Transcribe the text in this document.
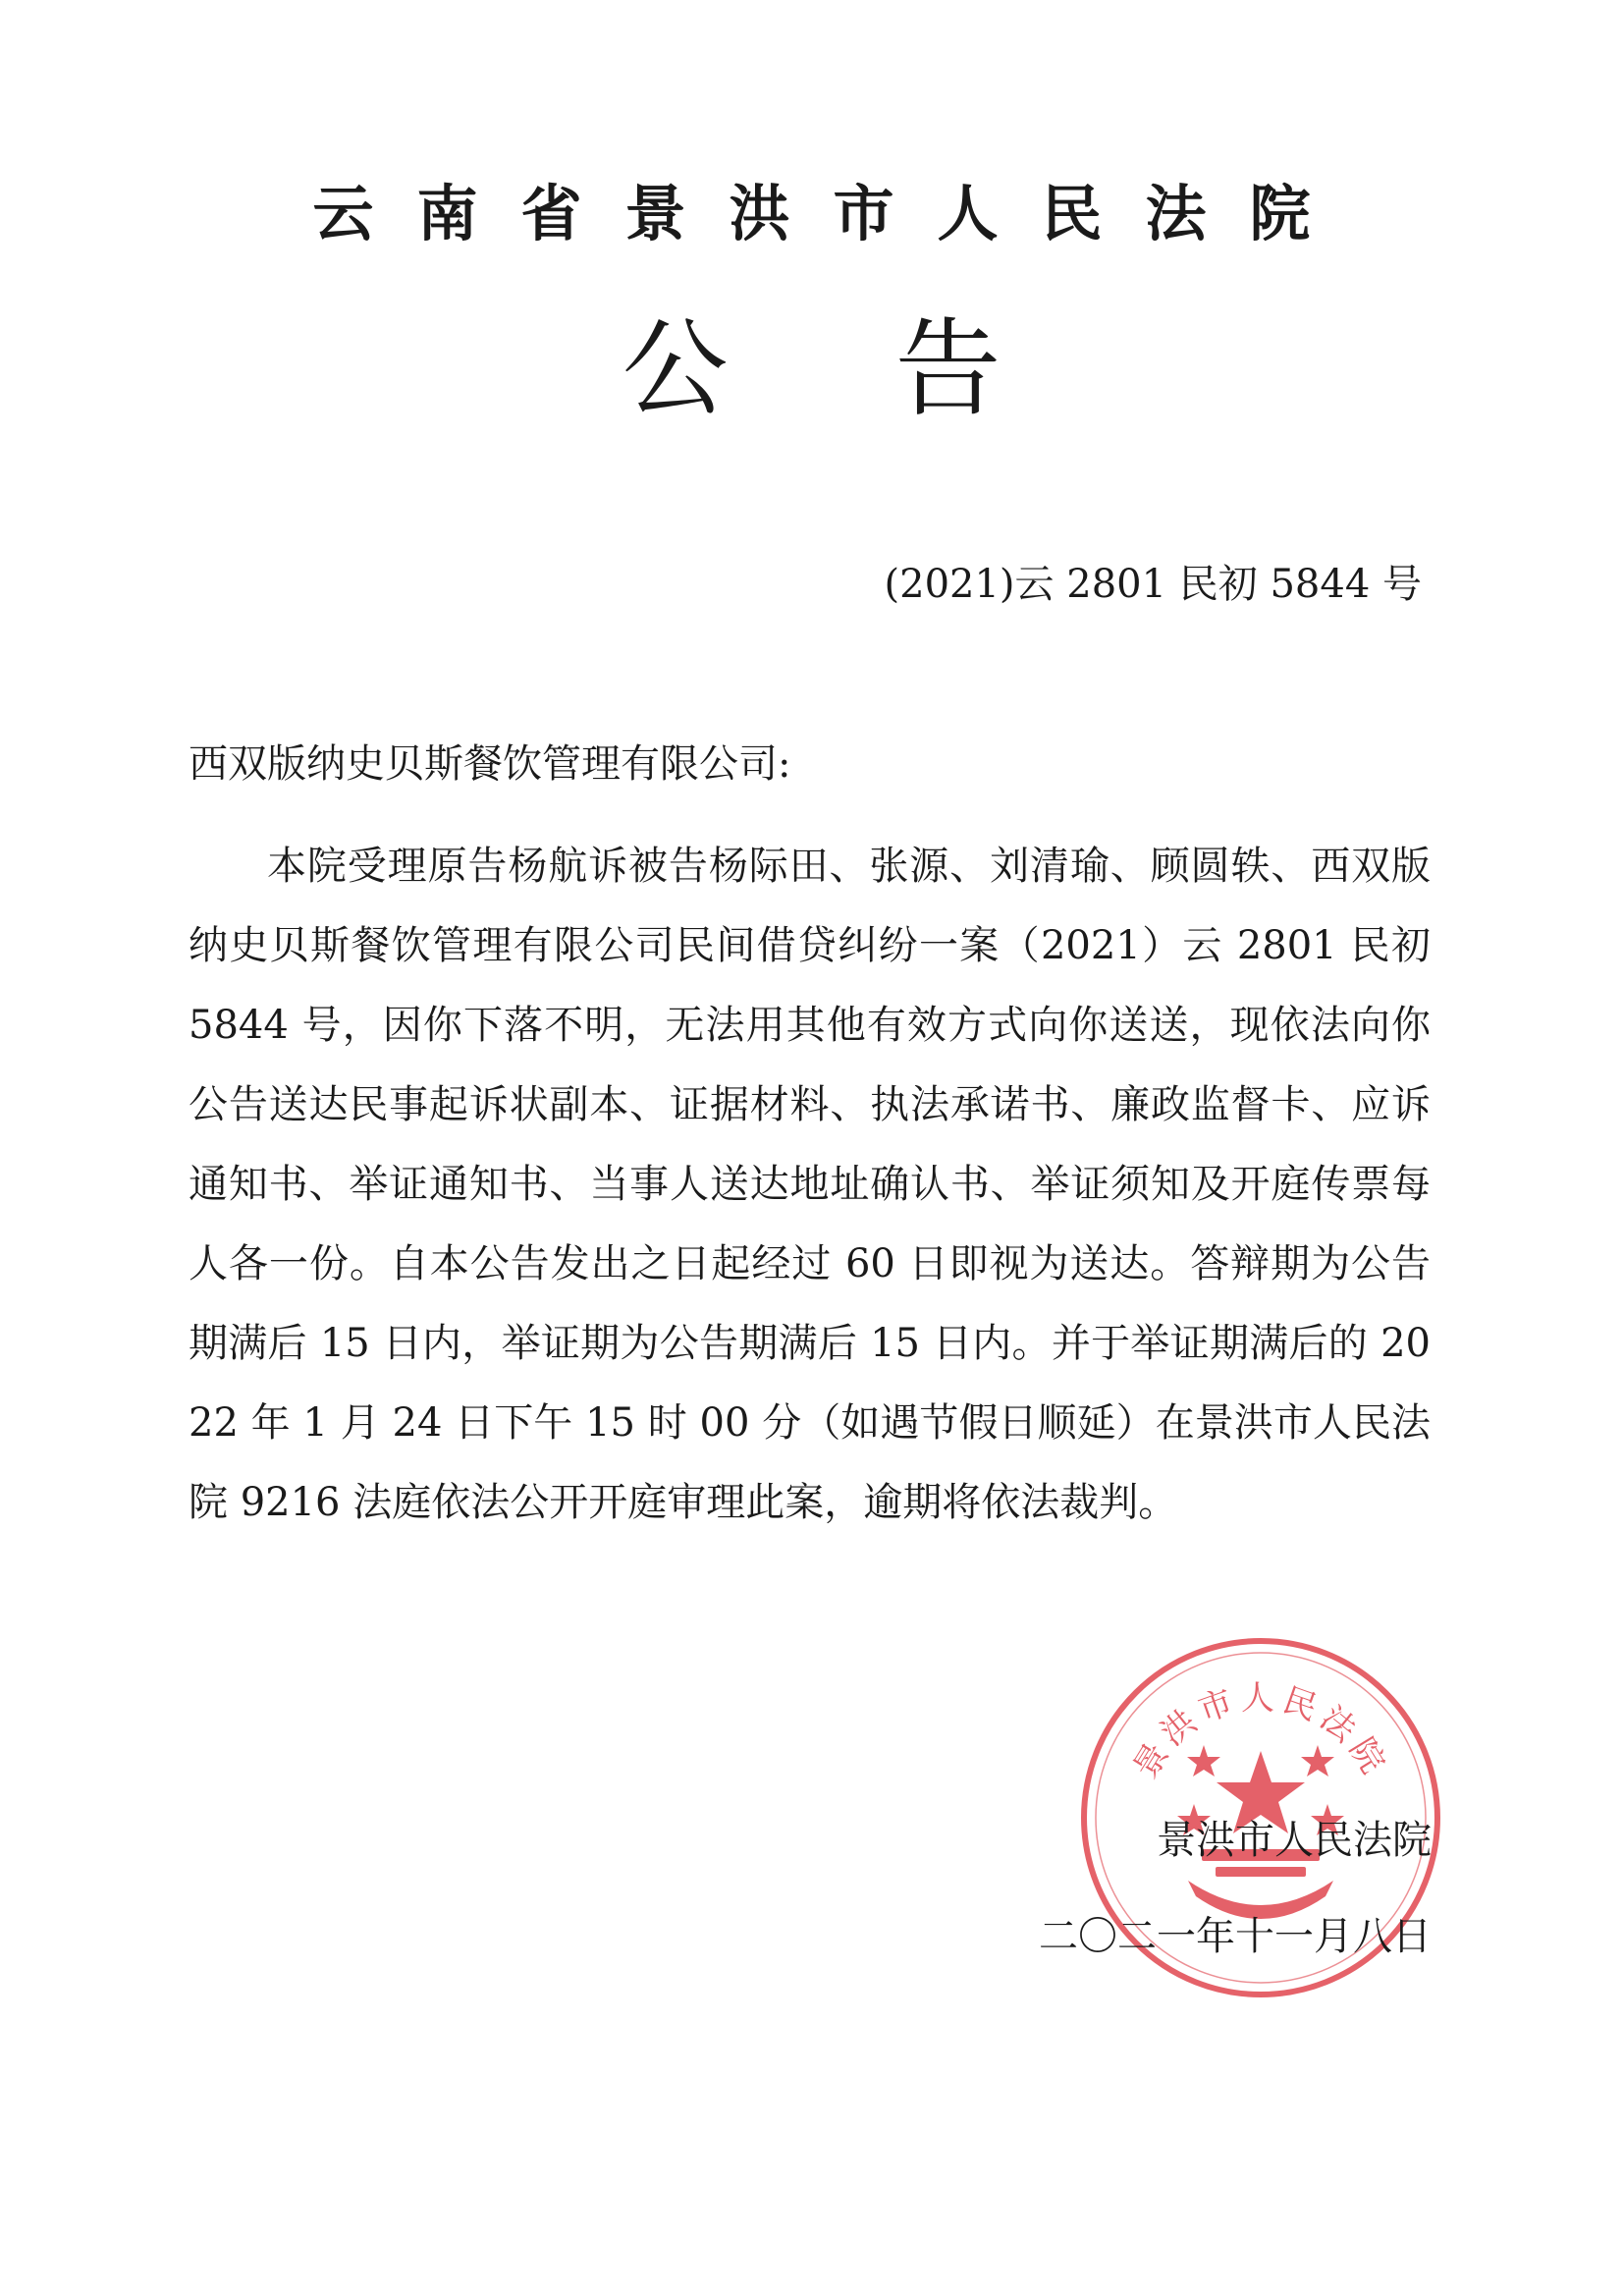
云南省景洪市人民法院
公告
(2021)云 2801 民初 5844 号
西双版纳史贝斯餐饮管理有限公司:

本院受理原告杨航诉被告杨际田、张源、刘清瑜、顾圆轶、西双版纳史贝斯餐饮管理有限公司民间借贷纠纷一案（2021）云 2801 民初 5844 号，因你下落不明，无法用其他有效方式向你送送，现依法向你公告送达民事起诉状副本、证据材料、执法承诺书、廉政监督卡、应诉通知书、举证通知书、当事人送达地址确认书、举证须知及开庭传票每人各一份。自本公告发出之日起经过 60 日即视为送达。答辩期为公告期满后 15 日内，举证期为公告期满后 15 日内。并于举证期满后的 2022 年 1 月 24 日下午 15 时 00 分（如遇节假日顺延）在景洪市人民法院 9216 法庭依法公开开庭审理此案，逾期将依法裁判。

景洪市人民法院
景洪市人民法院
二〇二一年十一月八日
